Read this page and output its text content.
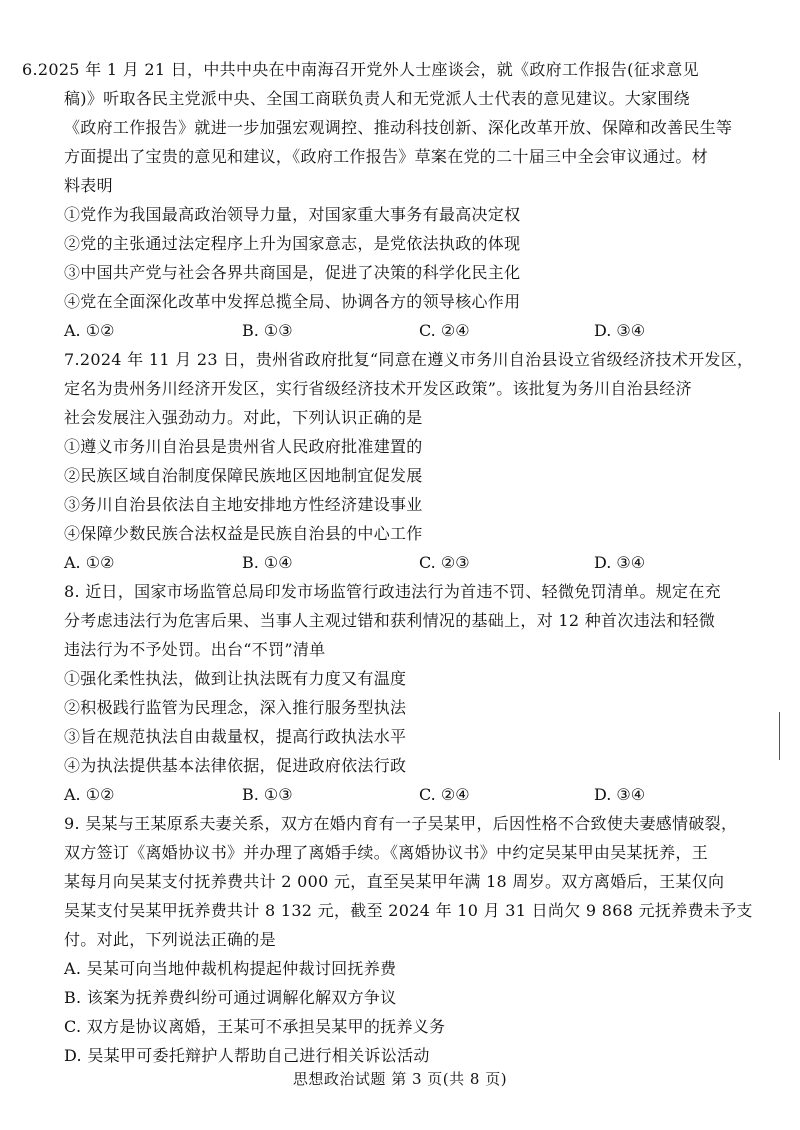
6.2025 年 1 月 21 日，中共中央在中南海召开党外人士座谈会，就《政府工作报告(征求意见
稿)》听取各民主党派中央、全国工商联负责人和无党派人士代表的意见建议。大家围绕
《政府工作报告》就进一步加强宏观调控、推动科技创新、深化改革开放、保障和改善民生等
方面提出了宝贵的意见和建议，《政府工作报告》草案在党的二十届三中全会审议通过。材
料表明
①党作为我国最高政治领导力量，对国家重大事务有最高决定权
②党的主张通过法定程序上升为国家意志，是党依法执政的体现
③中国共产党与社会各界共商国是，促进了决策的科学化民主化
④党在全面深化改革中发挥总揽全局、协调各方的领导核心作用
A. ①②	B. ①③	C. ②④	D. ③④
7.2024 年 11 月 23 日，贵州省政府批复“同意在遵义市务川自治县设立省级经济技术开发区，
定名为贵州务川经济开发区，实行省级经济技术开发区政策”。该批复为务川自治县经济
社会发展注入强劲动力。对此，下列认识正确的是
①遵义市务川自治县是贵州省人民政府批准建置的
②民族区域自治制度保障民族地区因地制宜促发展
③务川自治县依法自主地安排地方性经济建设事业
④保障少数民族合法权益是民族自治县的中心工作
A. ①②	B. ①④	C. ②③	D. ③④
8. 近日，国家市场监管总局印发市场监管行政违法行为首违不罚、轻微免罚清单。规定在充
分考虑违法行为危害后果、当事人主观过错和获利情况的基础上，对 12 种首次违法和轻微
违法行为不予处罚。出台“不罚”清单
①强化柔性执法，做到让执法既有力度又有温度
②积极践行监管为民理念，深入推行服务型执法
③旨在规范执法自由裁量权，提高行政执法水平
④为执法提供基本法律依据，促进政府依法行政
A. ①②	B. ①③	C. ②④	D. ③④
9. 吴某与王某原系夫妻关系，双方在婚内育有一子吴某甲，后因性格不合致使夫妻感情破裂，
双方签订《离婚协议书》并办理了离婚手续。《离婚协议书》中约定吴某甲由吴某抚养，王
某每月向吴某支付抚养费共计 2 000 元，直至吴某甲年满 18 周岁。双方离婚后，王某仅向
吴某支付吴某甲抚养费共计 8 132 元，截至 2024 年 10 月 31 日尚欠 9 868 元抚养费未予支
付。对此，下列说法正确的是
A. 吴某可向当地仲裁机构提起仲裁讨回抚养费
B. 该案为抚养费纠纷可通过调解化解双方争议
C. 双方是协议离婚，王某可不承担吴某甲的抚养义务
D. 吴某甲可委托辩护人帮助自己进行相关诉讼活动
思想政治试题 第 3 页(共 8 页)
